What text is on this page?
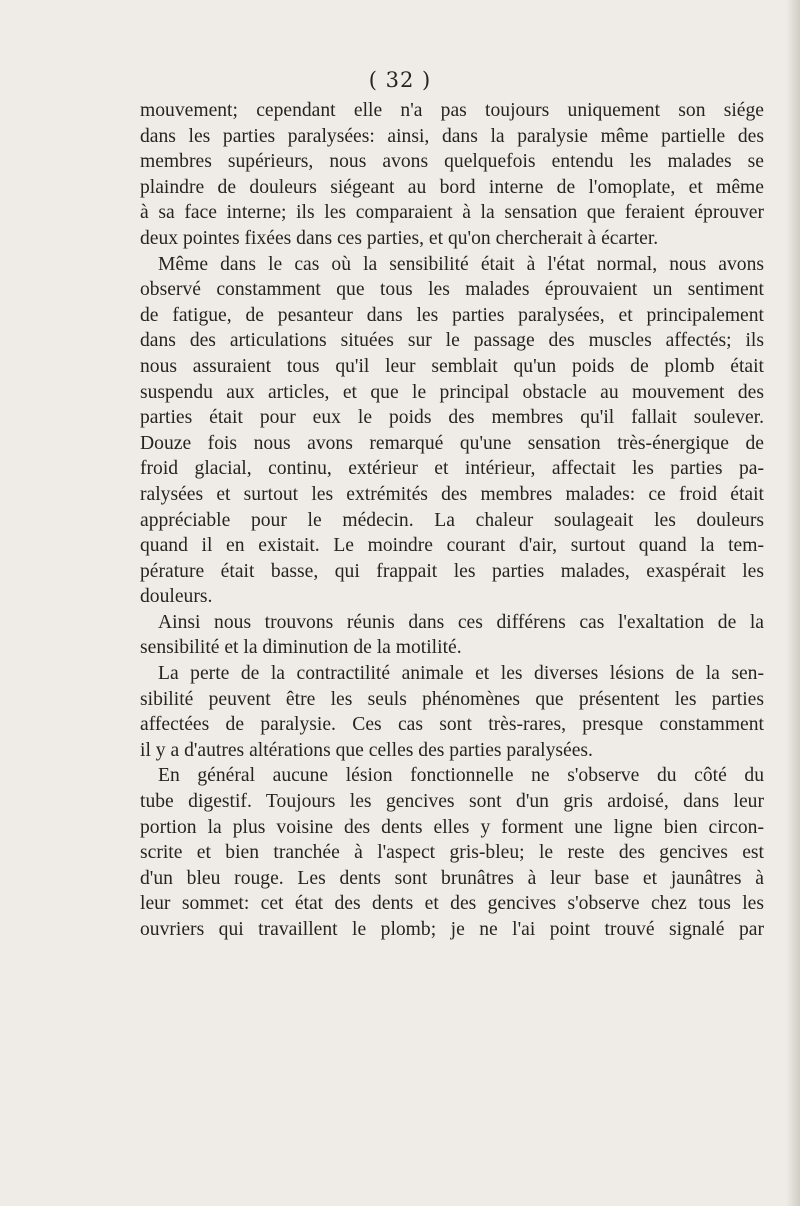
( 32 )
mouvement; cependant elle n'a pas toujours uniquement son siége
dans les parties paralysées: ainsi, dans la paralysie même partielle des
membres supérieurs, nous avons quelquefois entendu les malades se
plaindre de douleurs siégeant au bord interne de l'omoplate, et même
à sa face interne; ils les comparaient à la sensation que feraient éprouver
deux pointes fixées dans ces parties, et qu'on chercherait à écarter.
Même dans le cas où la sensibilité était à l'état normal, nous avons
observé constamment que tous les malades éprouvaient un sentiment
de fatigue, de pesanteur dans les parties paralysées, et principalement
dans des articulations situées sur le passage des muscles affectés; ils
nous assuraient tous qu'il leur semblait qu'un poids de plomb était
suspendu aux articles, et que le principal obstacle au mouvement des
parties était pour eux le poids des membres qu'il fallait soulever.
Douze fois nous avons remarqué qu'une sensation très-énergique de
froid glacial, continu, extérieur et intérieur, affectait les parties pa-
ralysées et surtout les extrémités des membres malades: ce froid était
appréciable pour le médecin. La chaleur soulageait les douleurs
quand il en existait. Le moindre courant d'air, surtout quand la tem-
pérature était basse, qui frappait les parties malades, exaspérait les
douleurs.
Ainsi nous trouvons réunis dans ces différens cas l'exaltation de la
sensibilité et la diminution de la motilité.
La perte de la contractilité animale et les diverses lésions de la sen-
sibilité peuvent être les seuls phénomènes que présentent les parties
affectées de paralysie. Ces cas sont très-rares, presque constamment
il y a d'autres altérations que celles des parties paralysées.
En général aucune lésion fonctionnelle ne s'observe du côté du
tube digestif. Toujours les gencives sont d'un gris ardoisé, dans leur
portion la plus voisine des dents elles y forment une ligne bien circon-
scrite et bien tranchée à l'aspect gris-bleu; le reste des gencives est
d'un bleu rouge. Les dents sont brunâtres à leur base et jaunâtres à
leur sommet: cet état des dents et des gencives s'observe chez tous les
ouvriers qui travaillent le plomb; je ne l'ai point trouvé signalé par
